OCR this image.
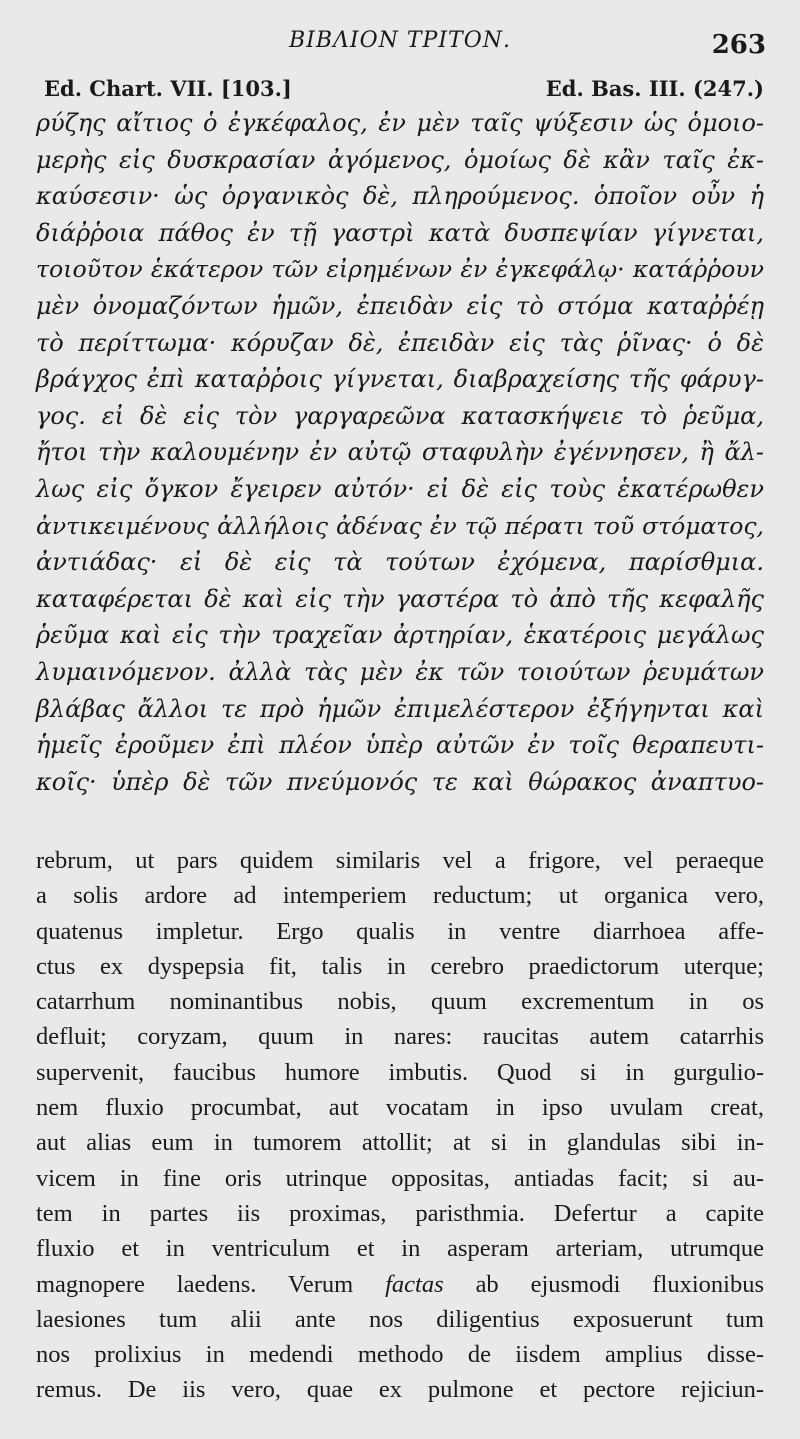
ΒΙΒΛΙΟΝ ΤΡΙΤΟΝ.	263
Ed. Chart. VII. [103.]	Ed. Bas. III. (247.)
ρύζης αἴτιος ὁ ἐγκέφαλος, ἐν μὲν ταῖς ψύξεσιν ὡς ὁμοιο-
μερὴς εἰς δυσκρασίαν ἀγόμενος, ὁμοίως δὲ κἂν ταῖς ἐκ-
καύσεσιν· ὡς ὀργανικὸς δὲ, πληρούμενος. ὁποῖον οὖν ἡ
διάῤῥοια πάθος ἐν τῇ γαστρὶ κατὰ δυσπεψίαν γίγνεται,
τοιοῦτον ἑκάτερον τῶν εἰρημένων ἐν ἐγκεφάλῳ· κατάῤῥουν
μὲν ὀνομαζόντων ἡμῶν, ἐπειδὰν εἰς τὸ στόμα καταῤῥέῃ
τὸ περίττωμα· κόρυζαν δὲ, ἐπειδὰν εἰς τὰς ῥῖνας· ὁ δὲ
βράγχος ἐπὶ καταῤῥοις γίγνεται, διαβραχείσης τῆς φάρυγ-
γος. εἰ δὲ εἰς τὸν γαργαρεῶνα κατασκήψειε τὸ ῥεῦμα,
ἤτοι τὴν καλουμένην ἐν αὐτῷ σταφυλὴν ἐγέννησεν, ἢ ἄλ-
λως εἰς ὄγκον ἔγειρεν αὐτόν· εἰ δὲ εἰς τοὺς ἑκατέρωθεν
ἀντικειμένους ἀλλήλοις ἀδένας ἐν τῷ πέρατι τοῦ στόματος,
ἀντιάδας· εἰ δὲ εἰς τὰ τούτων ἐχόμενα, παρίσθμια.
καταφέρεται δὲ καὶ εἰς τὴν γαστέρα τὸ ἀπὸ τῆς κεφαλῆς
ῥεῦμα καὶ εἰς τὴν τραχεῖαν ἀρτηρίαν, ἑκατέροις μεγάλως
λυμαινόμενον. ἀλλὰ τὰς μὲν ἐκ τῶν τοιούτων ῥευμάτων
βλάβας ἄλλοι τε πρὸ ἡμῶν ἐπιμελέστερον ἐξήγηνται καὶ
ἡμεῖς ἐροῦμεν ἐπὶ πλέον ὑπὲρ αὐτῶν ἐν τοῖς θεραπευτι-
κοῖς· ὑπὲρ δὲ τῶν πνεύμονός τε καὶ θώρακος ἀναπτυο-
rebrum, ut pars quidem similaris vel a frigore, vel peraeque
a solis ardore ad intemperiem reductum; ut organica vero,
quatenus impletur. Ergo qualis in ventre diarrhoea affe-
ctus ex dyspepsia fit, talis in cerebro praedictorum uterque;
catarrhum nominantibus nobis, quum excrementum in os
defluit; coryzam, quum in nares: raucitas autem catarrhis
supervenit, faucibus humore imbutis. Quod si in gurgulio-
nem fluxio procumbat, aut vocatam in ipso uvulam creat,
aut alias eum in tumorem attollit; at si in glandulas sibi in-
vicem in fine oris utrinque oppositas, antiadas facit; si au-
tem in partes iis proximas, paristhmia. Defertur a capite
fluxio et in ventriculum et in asperam arteriam, utrumque
magnopere laedens. Verum factas ab ejusmodi fluxionibus
laesiones tum alii ante nos diligentius exposuerunt tum
nos prolixius in medendi methodo de iisdem amplius disse-
remus. De iis vero, quae ex pulmone et pectore rejiciun-
